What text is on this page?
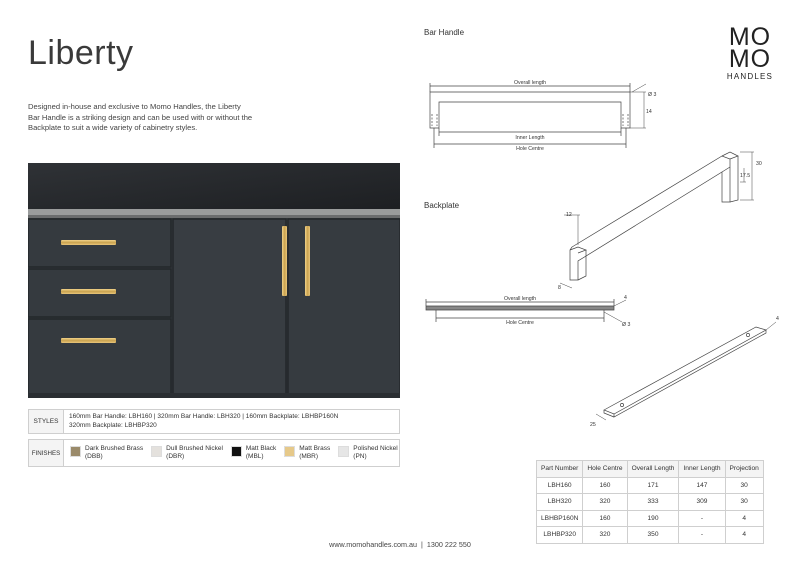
Liberty
Designed in-house and exclusive to Momo Handles, the Liberty
Bar Handle is a striking design and can be used with or without the
Backplate to suit a wide variety of cabinetry styles.
STYLES
160mm Bar Handle: LBH160 | 320mm Bar Handle: LBH320 | 160mm Backplate: LBHBP160N
320mm Backplate: LBHBP320
FINISHES
Dark Brushed Brass
(DBB)
Dull Brushed Nickel
(DBR)
Matt Black
(MBL)
Matt Brass
(MBR)
Polished Nickel
(PN)
MO
MO
HANDLES
Bar Handle
Backplate
Overall length
Ø 3
14
Inner Length
Hole Centre
30
17.5
12
8
Overall length	4
Hole Centre	Ø 3
4
25
Part Number	Hole Centre	Overall Length	Inner Length	Projection
LBH160	160	171	147	30
LBH320	320	333	309	30
LBHBP160N	160	190	-	4
LBHBP320	320	350	-	4
www.momohandles.com.au | 1300 222 550
